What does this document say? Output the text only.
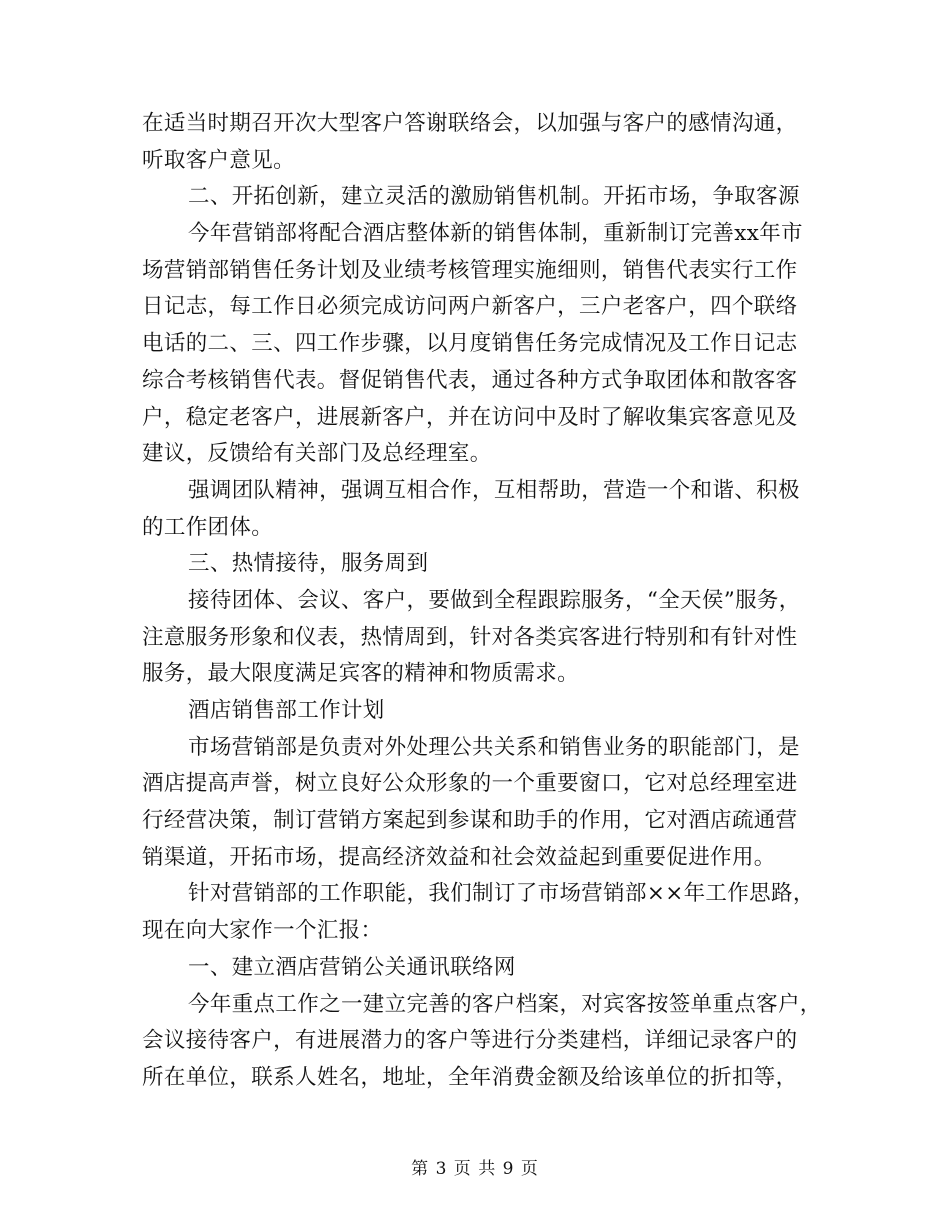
在适当时期召开次大型客户答谢联络会，以加强与客户的感情沟通，
听取客户意见。
二、开拓创新，建立灵活的激励销售机制。开拓市场，争取客源
今年营销部将配合酒店整体新的销售体制，重新制订完善xx年市
场营销部销售任务计划及业绩考核管理实施细则，销售代表实行工作
日记志，每工作日必须完成访问两户新客户，三户老客户，四个联络
电话的二、三、四工作步骤，以月度销售任务完成情况及工作日记志
综合考核销售代表。督促销售代表，通过各种方式争取团体和散客客
户，稳定老客户，进展新客户，并在访问中及时了解收集宾客意见及
建议，反馈给有关部门及总经理室。
强调团队精神，强调互相合作，互相帮助，营造一个和谐、积极
的工作团体。
三、热情接待，服务周到
接待团体、会议、客户，要做到全程跟踪服务，“全天侯”服务，
注意服务形象和仪表，热情周到，针对各类宾客进行特别和有针对性
服务，最大限度满足宾客的精神和物质需求。
酒店销售部工作计划
市场营销部是负责对外处理公共关系和销售业务的职能部门，是
酒店提高声誉，树立良好公众形象的一个重要窗口，它对总经理室进
行经营决策，制订营销方案起到参谋和助手的作用，它对酒店疏通营
销渠道，开拓市场，提高经济效益和社会效益起到重要促进作用。
针对营销部的工作职能，我们制订了市场营销部××年工作思路，
现在向大家作一个汇报：
一、建立酒店营销公关通讯联络网
今年重点工作之一建立完善的客户档案，对宾客按签单重点客户，
会议接待客户，有进展潜力的客户等进行分类建档，详细记录客户的
所在单位，联系人姓名，地址，全年消费金额及给该单位的折扣等，
第 3 页 共 9 页
